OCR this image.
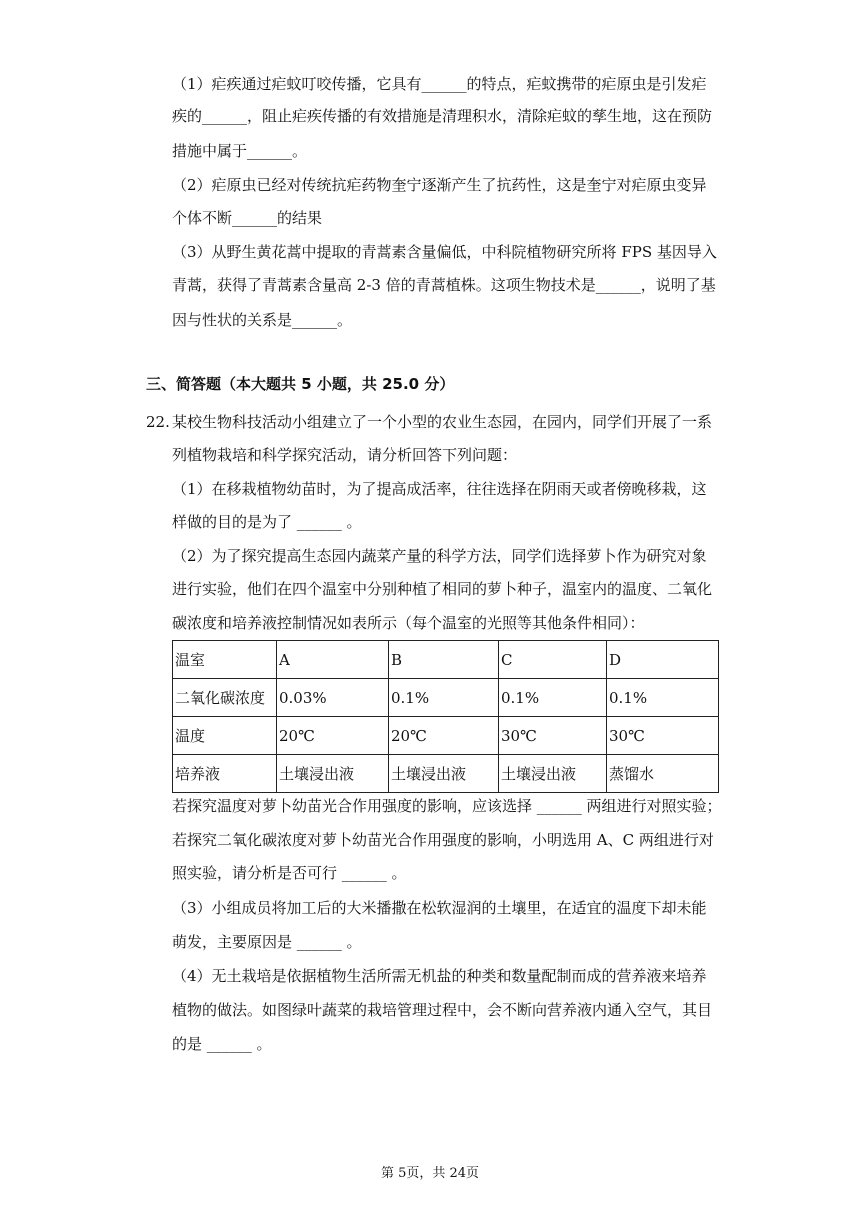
（1）疟疾通过疟蚊叮咬传播，它具有______的特点，疟蚊携带的疟原虫是引发疟
疾的______，阻止疟疾传播的有效措施是清理积水，清除疟蚊的孳生地，这在预防
措施中属于______。
（2）疟原虫已经对传统抗疟药物奎宁逐渐产生了抗药性，这是奎宁对疟原虫变异
个体不断______的结果
（3）从野生黄花蒿中提取的青蒿素含量偏低，中科院植物研究所将 FPS 基因导入
青蒿，获得了青蒿素含量高 2-3 倍的青蒿植株。这项生物技术是______，说明了基
因与性状的关系是______。
三、简答题（本大题共 5 小题，共 25.0 分）
22. 某校生物科技活动小组建立了一个小型的农业生态园，在园内，同学们开展了一系
列植物栽培和科学探究活动，请分析回答下列问题：
（1）在移栽植物幼苗时，为了提高成活率，往往选择在阴雨天或者傍晚移栽，这
样做的目的是为了 ______ 。
（2）为了探究提高生态园内蔬菜产量的科学方法，同学们选择萝卜作为研究对象
进行实验，他们在四个温室中分别种植了相同的萝卜种子，温室内的温度、二氧化
碳浓度和培养液控制情况如表所示（每个温室的光照等其他条件相同）：
温室	A	B	C	D
二氧化碳浓度	0.03%	0.1%	0.1%	0.1%
温度	20℃	20℃	30℃	30℃
培养液	土壤浸出液	土壤浸出液	土壤浸出液	蒸馏水
若探究温度对萝卜幼苗光合作用强度的影响，应该选择 ______ 两组进行对照实验；
若探究二氧化碳浓度对萝卜幼苗光合作用强度的影响，小明选用 A、C 两组进行对
照实验，请分析是否可行 ______ 。
（3）小组成员将加工后的大米播撒在松软湿润的土壤里，在适宜的温度下却未能
萌发，主要原因是 ______ 。
（4）无土栽培是依据植物生活所需无机盐的种类和数量配制而成的营养液来培养
植物的做法。如图绿叶蔬菜的栽培管理过程中，会不断向营养液内通入空气，其目
的是 ______ 。
第 5页，共 24页
